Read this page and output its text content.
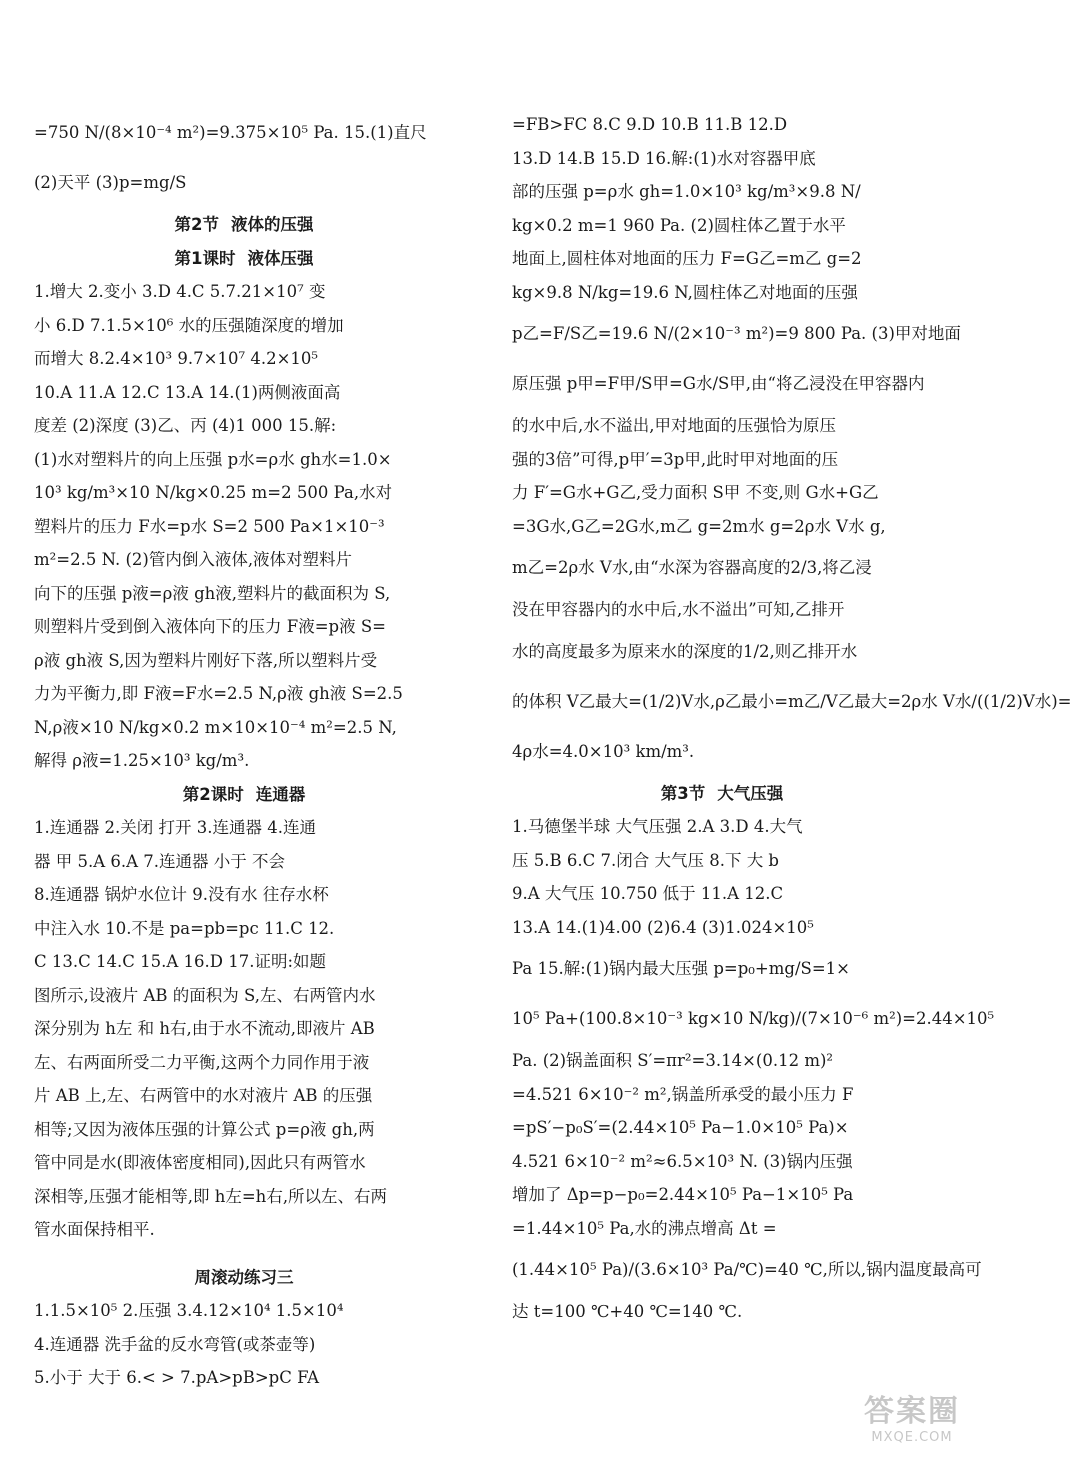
=750 N/(8×10⁻⁴ m²)=9.375×10⁵ Pa. 15.(1)直尺
(2)天平 (3)p=mg/S
第2节 液体的压强
第1课时 液体压强
1.增大 2.变小 3.D 4.C 5.7.21×10⁷ 变
小 6.D 7.1.5×10⁶ 水的压强随深度的增加
而增大 8.2.4×10³ 9.7×10⁷ 4.2×10⁵
10.A 11.A 12.C 13.A 14.(1)两侧液面高
度差 (2)深度 (3)乙、丙 (4)1 000 15.解:
(1)水对塑料片的向上压强 p水=ρ水 gh水=1.0×
10³ kg/m³×10 N/kg×0.25 m=2 500 Pa,水对
塑料片的压力 F水=p水 S=2 500 Pa×1×10⁻³
m²=2.5 N. (2)管内倒入液体,液体对塑料片
向下的压强 p液=ρ液 gh液,塑料片的截面积为 S,
则塑料片受到倒入液体向下的压力 F液=p液 S=
ρ液 gh液 S,因为塑料片刚好下落,所以塑料片受
力为平衡力,即 F液=F水=2.5 N,ρ液 gh液 S=2.5
N,ρ液×10 N/kg×0.2 m×10×10⁻⁴ m²=2.5 N,
解得 ρ液=1.25×10³ kg/m³.
第2课时 连通器
1.连通器 2.关闭 打开 3.连通器 4.连通
器 甲 5.A 6.A 7.连通器 小于 不会
8.连通器 锅炉水位计 9.没有水 往存水杯
中注入水 10.不是 pa=pb=pc 11.C 12.
C 13.C 14.C 15.A 16.D 17.证明:如题
图所示,设液片 AB 的面积为 S,左、右两管内水
深分别为 h左 和 h右,由于水不流动,即液片 AB
左、右两面所受二力平衡,这两个力同作用于液
片 AB 上,左、右两管中的水对液片 AB 的压强
相等;又因为液体压强的计算公式 p=ρ液 gh,两
管中同是水(即液体密度相同),因此只有两管水
深相等,压强才能相等,即 h左=h右,所以左、右两
管水面保持相平.
周滚动练习三
1.1.5×10⁵ 2.压强 3.4.12×10⁴ 1.5×10⁴
4.连通器 洗手盆的反水弯管(或茶壶等)
5.小于 大于 6.< > 7.pA>pB>pC FA
=FB>FC 8.C 9.D 10.B 11.B 12.D
13.D 14.B 15.D 16.解:(1)水对容器甲底
部的压强 p=ρ水 gh=1.0×10³ kg/m³×9.8 N/
kg×0.2 m=1 960 Pa. (2)圆柱体乙置于水平
地面上,圆柱体对地面的压力 F=G乙=m乙 g=2
kg×9.8 N/kg=19.6 N,圆柱体乙对地面的压强
p乙=F/S乙=19.6 N/(2×10⁻³ m²)=9 800 Pa. (3)甲对地面
原压强 p甲=F甲/S甲=G水/S甲,由“将乙浸没在甲容器内
的水中后,水不溢出,甲对地面的压强恰为原压
强的3倍”可得,p甲′=3p甲,此时甲对地面的压
力 F′=G水+G乙,受力面积 S甲 不变,则 G水+G乙
=3G水,G乙=2G水,m乙 g=2m水 g=2ρ水 V水 g,
m乙=2ρ水 V水,由“水深为容器高度的2/3,将乙浸
没在甲容器内的水中后,水不溢出”可知,乙排开
水的高度最多为原来水的深度的1/2,则乙排开水
的体积 V乙最大=(1/2)V水,ρ乙最小=m乙/V乙最大=2ρ水 V水/((1/2)V水)=
4ρ水=4.0×10³ km/m³.
第3节 大气压强
1.马德堡半球 大气压强 2.A 3.D 4.大气
压 5.B 6.C 7.闭合 大气压 8.下 大 b
9.A 大气压 10.750 低于 11.A 12.C
13.A 14.(1)4.00 (2)6.4 (3)1.024×10⁵
Pa 15.解:(1)锅内最大压强 p=p₀+mg/S=1×
10⁵ Pa+(100.8×10⁻³ kg×10 N/kg)/(7×10⁻⁶ m²)=2.44×10⁵
Pa. (2)锅盖面积 S′=πr²=3.14×(0.12 m)²
=4.521 6×10⁻² m²,锅盖所承受的最小压力 F
=pS′−p₀S′=(2.44×10⁵ Pa−1.0×10⁵ Pa)×
4.521 6×10⁻² m²≈6.5×10³ N. (3)锅内压强
增加了 Δp=p−p₀=2.44×10⁵ Pa−1×10⁵ Pa
=1.44×10⁵ Pa,水的沸点增高 Δt =
(1.44×10⁵ Pa)/(3.6×10³ Pa/℃)=40 ℃,所以,锅内温度最高可
达 t=100 ℃+40 ℃=140 ℃.
答案圈
MXQE.COM
